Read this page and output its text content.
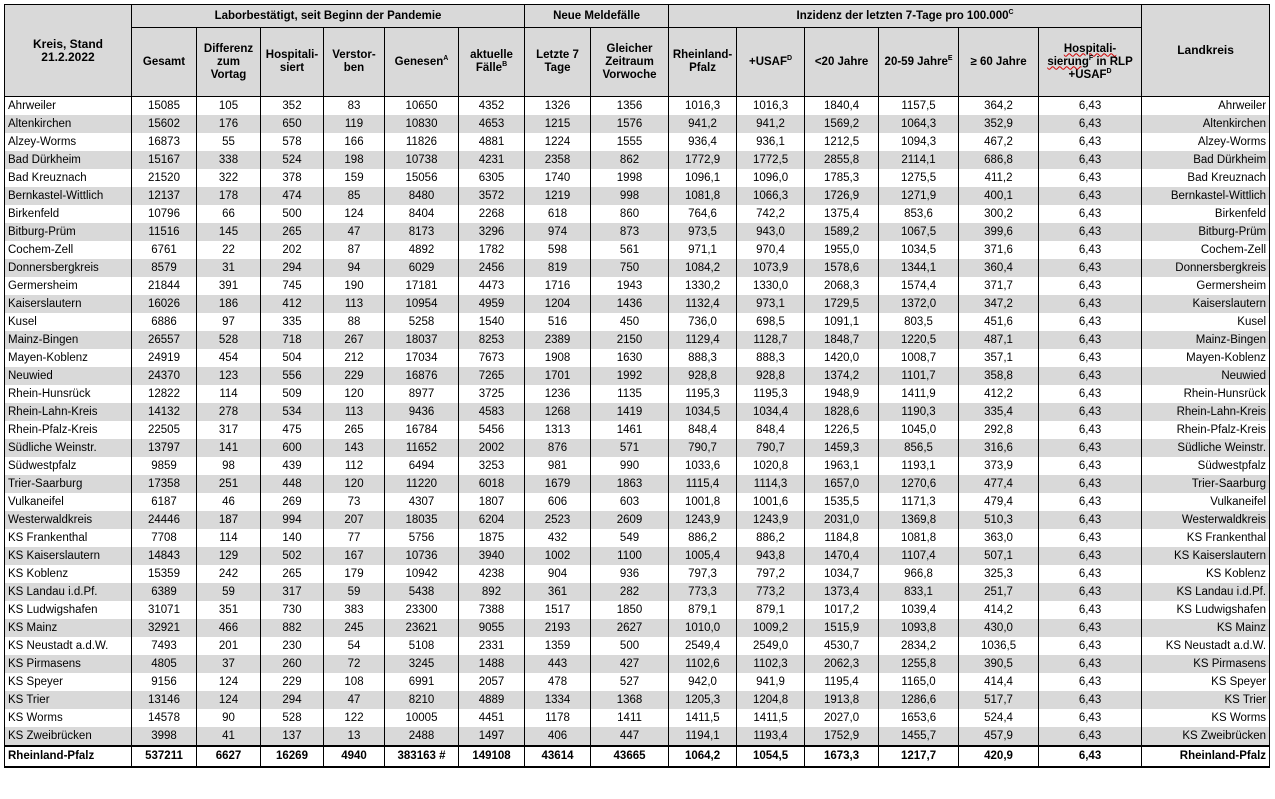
Kreis, Stand 21.2.2022	Laborbestätigt, seit Beginn der Pandemie						Neue Meldefälle		Inzidenz der letzten 7-Tage pro $100.000^C$						Landkreis
	Gesamt	Differenz zum Vortag	Hospitali-siert	Verstor-ben	Genesen$^A$	aktuelle Fälle$^B$	Letzte 7 Tage	Gleicher Zeitraum Vorwoche	Rheinland-Pfalz	$+USAF^D$	<20 Jahre	20-59 Jahre$^E$	≥ 60 Jahre	Hospitali-sierung$^F$ in RLP $+USAF^D$
Ahrweiler	15085	105	352	83	10650	4352	1326	1356	1016,3	1016,3	1840,4	1157,5	364,2	6,43	Ahrweiler
Altenkirchen	15602	176	650	119	10830	4653	1215	1576	941,2	941,2	1569,2	1064,3	352,9	6,43	Altenkirchen
Alzey-Worms	16873	55	578	166	11826	4881	1224	1555	936,4	936,1	1212,5	1094,3	467,2	6,43	Alzey-Worms
Bad Dürkheim	15167	338	524	198	10738	4231	2358	862	1772,9	1772,5	2855,8	2114,1	686,8	6,43	Bad Dürkheim
Bad Kreuznach	21520	322	378	159	15056	6305	1740	1998	1096,1	1096,0	1785,3	1275,5	411,2	6,43	Bad Kreuznach
Bernkastel-Wittlich	12137	178	474	85	8480	3572	1219	998	1081,8	1066,3	1726,9	1271,9	400,1	6,43	Bernkastel-Wittlich
Birkenfeld	10796	66	500	124	8404	2268	618	860	764,6	742,2	1375,4	853,6	300,2	6,43	Birkenfeld
Bitburg-Prüm	11516	145	265	47	8173	3296	974	873	973,5	943,0	1589,2	1067,5	399,6	6,43	Bitburg-Prüm
Cochem-Zell	6761	22	202	87	4892	1782	598	561	971,1	970,4	1955,0	1034,5	371,6	6,43	Cochem-Zell
Donnersbergkreis	8579	31	294	94	6029	2456	819	750	1084,2	1073,9	1578,6	1344,1	360,4	6,43	Donnersbergkreis
Germersheim	21844	391	745	190	17181	4473	1716	1943	1330,2	1330,0	2068,3	1574,4	371,7	6,43	Germersheim
Kaiserslautern	16026	186	412	113	10954	4959	1204	1436	1132,4	973,1	1729,5	1372,0	347,2	6,43	Kaiserslautern
Kusel	6886	97	335	88	5258	1540	516	450	736,0	698,5	1091,1	803,5	451,6	6,43	Kusel
Mainz-Bingen	26557	528	718	267	18037	8253	2389	2150	1129,4	1128,7	1848,7	1220,5	487,1	6,43	Mainz-Bingen
Mayen-Koblenz	24919	454	504	212	17034	7673	1908	1630	888,3	888,3	1420,0	1008,7	357,1	6,43	Mayen-Koblenz
Neuwied	24370	123	556	229	16876	7265	1701	1992	928,8	928,8	1374,2	1101,7	358,8	6,43	Neuwied
Rhein-Hunsrück	12822	114	509	120	8977	3725	1236	1135	1195,3	1195,3	1948,9	1411,9	412,2	6,43	Rhein-Hunsrück
Rhein-Lahn-Kreis	14132	278	534	113	9436	4583	1268	1419	1034,5	1034,4	1828,6	1190,3	335,4	6,43	Rhein-Lahn-Kreis
Rhein-Pfalz-Kreis	22505	317	475	265	16784	5456	1313	1461	848,4	848,4	1226,5	1045,0	292,8	6,43	Rhein-Pfalz-Kreis
Südliche Weinstr.	13797	141	600	143	11652	2002	876	571	790,7	790,7	1459,3	856,5	316,6	6,43	Südliche Weinstr.
Südwestpfalz	9859	98	439	112	6494	3253	981	990	1033,6	1020,8	1963,1	1193,1	373,9	6,43	Südwestpfalz
Trier-Saarburg	17358	251	448	120	11220	6018	1679	1863	1115,4	1114,3	1657,0	1270,6	477,4	6,43	Trier-Saarburg
Vulkaneifel	6187	46	269	73	4307	1807	606	603	1001,8	1001,6	1535,5	1171,3	479,4	6,43	Vulkaneifel
Westerwaldkreis	24446	187	994	207	18035	6204	2523	2609	1243,9	1243,9	2031,0	1369,8	510,3	6,43	Westerwaldkreis
KS Frankenthal	7708	114	140	77	5756	1875	432	549	886,2	886,2	1184,8	1081,8	363,0	6,43	KS Frankenthal
KS Kaiserslautern	14843	129	502	167	10736	3940	1002	1100	1005,4	943,8	1470,4	1107,4	507,1	6,43	KS Kaiserslautern
KS Koblenz	15359	242	265	179	10942	4238	904	936	797,3	797,2	1034,7	966,8	325,3	6,43	KS Koblenz
KS Landau i.d.Pf.	6389	59	317	59	5438	892	361	282	773,3	773,2	1373,4	833,1	251,7	6,43	KS Landau i.d.Pf.
KS Ludwigshafen	31071	351	730	383	23300	7388	1517	1850	879,1	879,1	1017,2	1039,4	414,2	6,43	KS Ludwigshafen
KS Mainz	32921	466	882	245	23621	9055	2193	2627	1010,0	1009,2	1515,9	1093,8	430,0	6,43	KS Mainz
KS Neustadt a.d.W.	7493	201	230	54	5108	2331	1359	500	2549,4	2549,0	4530,7	2834,2	1036,5	6,43	KS Neustadt a.d.W.
KS Pirmasens	4805	37	260	72	3245	1488	443	427	1102,6	1102,3	2062,3	1255,8	390,5	6,43	KS Pirmasens
KS Speyer	9156	124	229	108	6991	2057	478	527	942,0	941,9	1195,4	1165,0	414,4	6,43	KS Speyer
KS Trier	13146	124	294	47	8210	4889	1334	1368	1205,3	1204,8	1913,8	1286,6	517,7	6,43	KS Trier
KS Worms	14578	90	528	122	10005	4451	1178	1411	1411,5	1411,5	2027,0	1653,6	524,4	6,43	KS Worms
KS Zweibrücken	3998	41	137	13	2488	1497	406	447	1194,1	1193,4	1752,9	1455,7	457,9	6,43	KS Zweibrücken
Rheinland-Pfalz	537211	6627	16269	4940	383163 #	149108	43614	43665	1064,2	1054,5	1673,3	1217,7	420,9	6,43	Rheinland-Pfalz
